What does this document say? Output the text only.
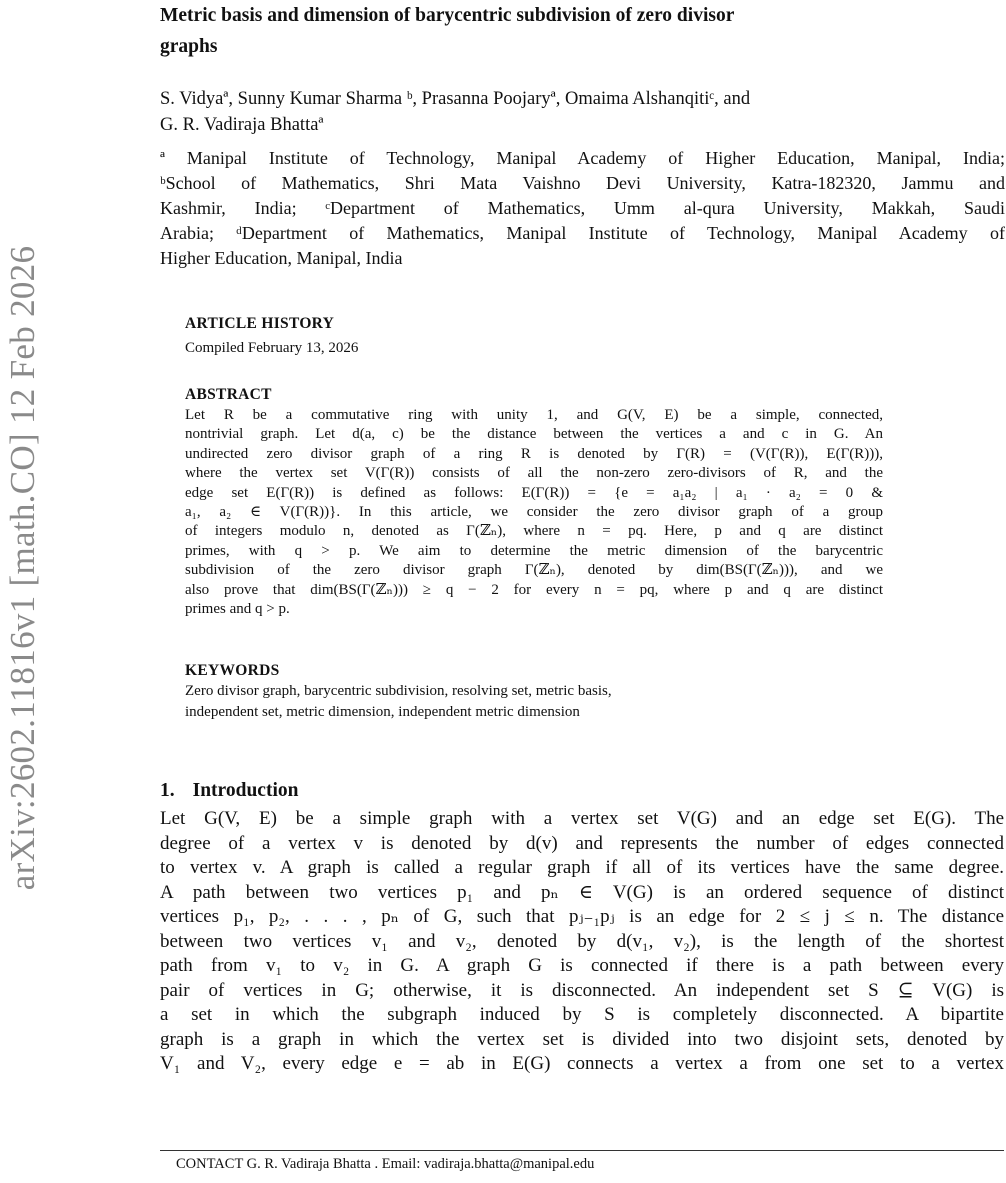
arXiv:2602.11816v1 [math.CO] 12 Feb 2026
Metric basis and dimension of barycentric subdivision of zero divisor
graphs
S. Vidyaª, Sunny Kumar Sharma ᵇ, Prasanna Poojaryª, Omaima Alshanqitiᶜ, and
G. R. Vadiraja Bhattaª
ª Manipal Institute of Technology, Manipal Academy of Higher Education, Manipal, India;
ᵇSchool of Mathematics, Shri Mata Vaishno Devi University, Katra-182320, Jammu and
Kashmir, India; ᶜDepartment of Mathematics, Umm al-qura University, Makkah, Saudi
Arabia; ᵈDepartment of Mathematics, Manipal Institute of Technology, Manipal Academy of
Higher Education, Manipal, India
ARTICLE HISTORY
Compiled February 13, 2026
ABSTRACT
Let R be a commutative ring with unity 1, and G(V, E) be a simple, connected,
nontrivial graph. Let d(a, c) be the distance between the vertices a and c in G. An
undirected zero divisor graph of a ring R is denoted by Γ(R) = (V(Γ(R)), E(Γ(R))),
where the vertex set V(Γ(R)) consists of all the non-zero zero-divisors of R, and the
edge set E(Γ(R)) is defined as follows: E(Γ(R)) = {e = a₁a₂ | a₁ · a₂ = 0 &
a₁, a₂ ∈ V(Γ(R))}. In this article, we consider the zero divisor graph of a group
of integers modulo n, denoted as Γ(ℤₙ), where n = pq. Here, p and q are distinct
primes, with q > p. We aim to determine the metric dimension of the barycentric
subdivision of the zero divisor graph Γ(ℤₙ), denoted by dim(BS(Γ(ℤₙ))), and we
also prove that dim(BS(Γ(ℤₙ))) ≥ q − 2 for every n = pq, where p and q are distinct
primes and q > p.
KEYWORDS
Zero divisor graph, barycentric subdivision, resolving set, metric basis,
independent set, metric dimension, independent metric dimension
1. Introduction
Let G(V, E) be a simple graph with a vertex set V(G) and an edge set E(G). The
degree of a vertex v is denoted by d(v) and represents the number of edges connected
to vertex v. A graph is called a regular graph if all of its vertices have the same degree.
A path between two vertices p₁ and pₙ ∈ V(G) is an ordered sequence of distinct
vertices p₁, p₂, . . . , pₙ of G, such that pⱼ₋₁pⱼ is an edge for 2 ≤ j ≤ n. The distance
between two vertices v₁ and v₂, denoted by d(v₁, v₂), is the length of the shortest
path from v₁ to v₂ in G. A graph G is connected if there is a path between every
pair of vertices in G; otherwise, it is disconnected. An independent set S ⊆ V(G) is
a set in which the subgraph induced by S is completely disconnected. A bipartite
graph is a graph in which the vertex set is divided into two disjoint sets, denoted by
V₁ and V₂, every edge e = ab in E(G) connects a vertex a from one set to a vertex
CONTACT G. R. Vadiraja Bhatta . Email: vadiraja.bhatta@manipal.edu
